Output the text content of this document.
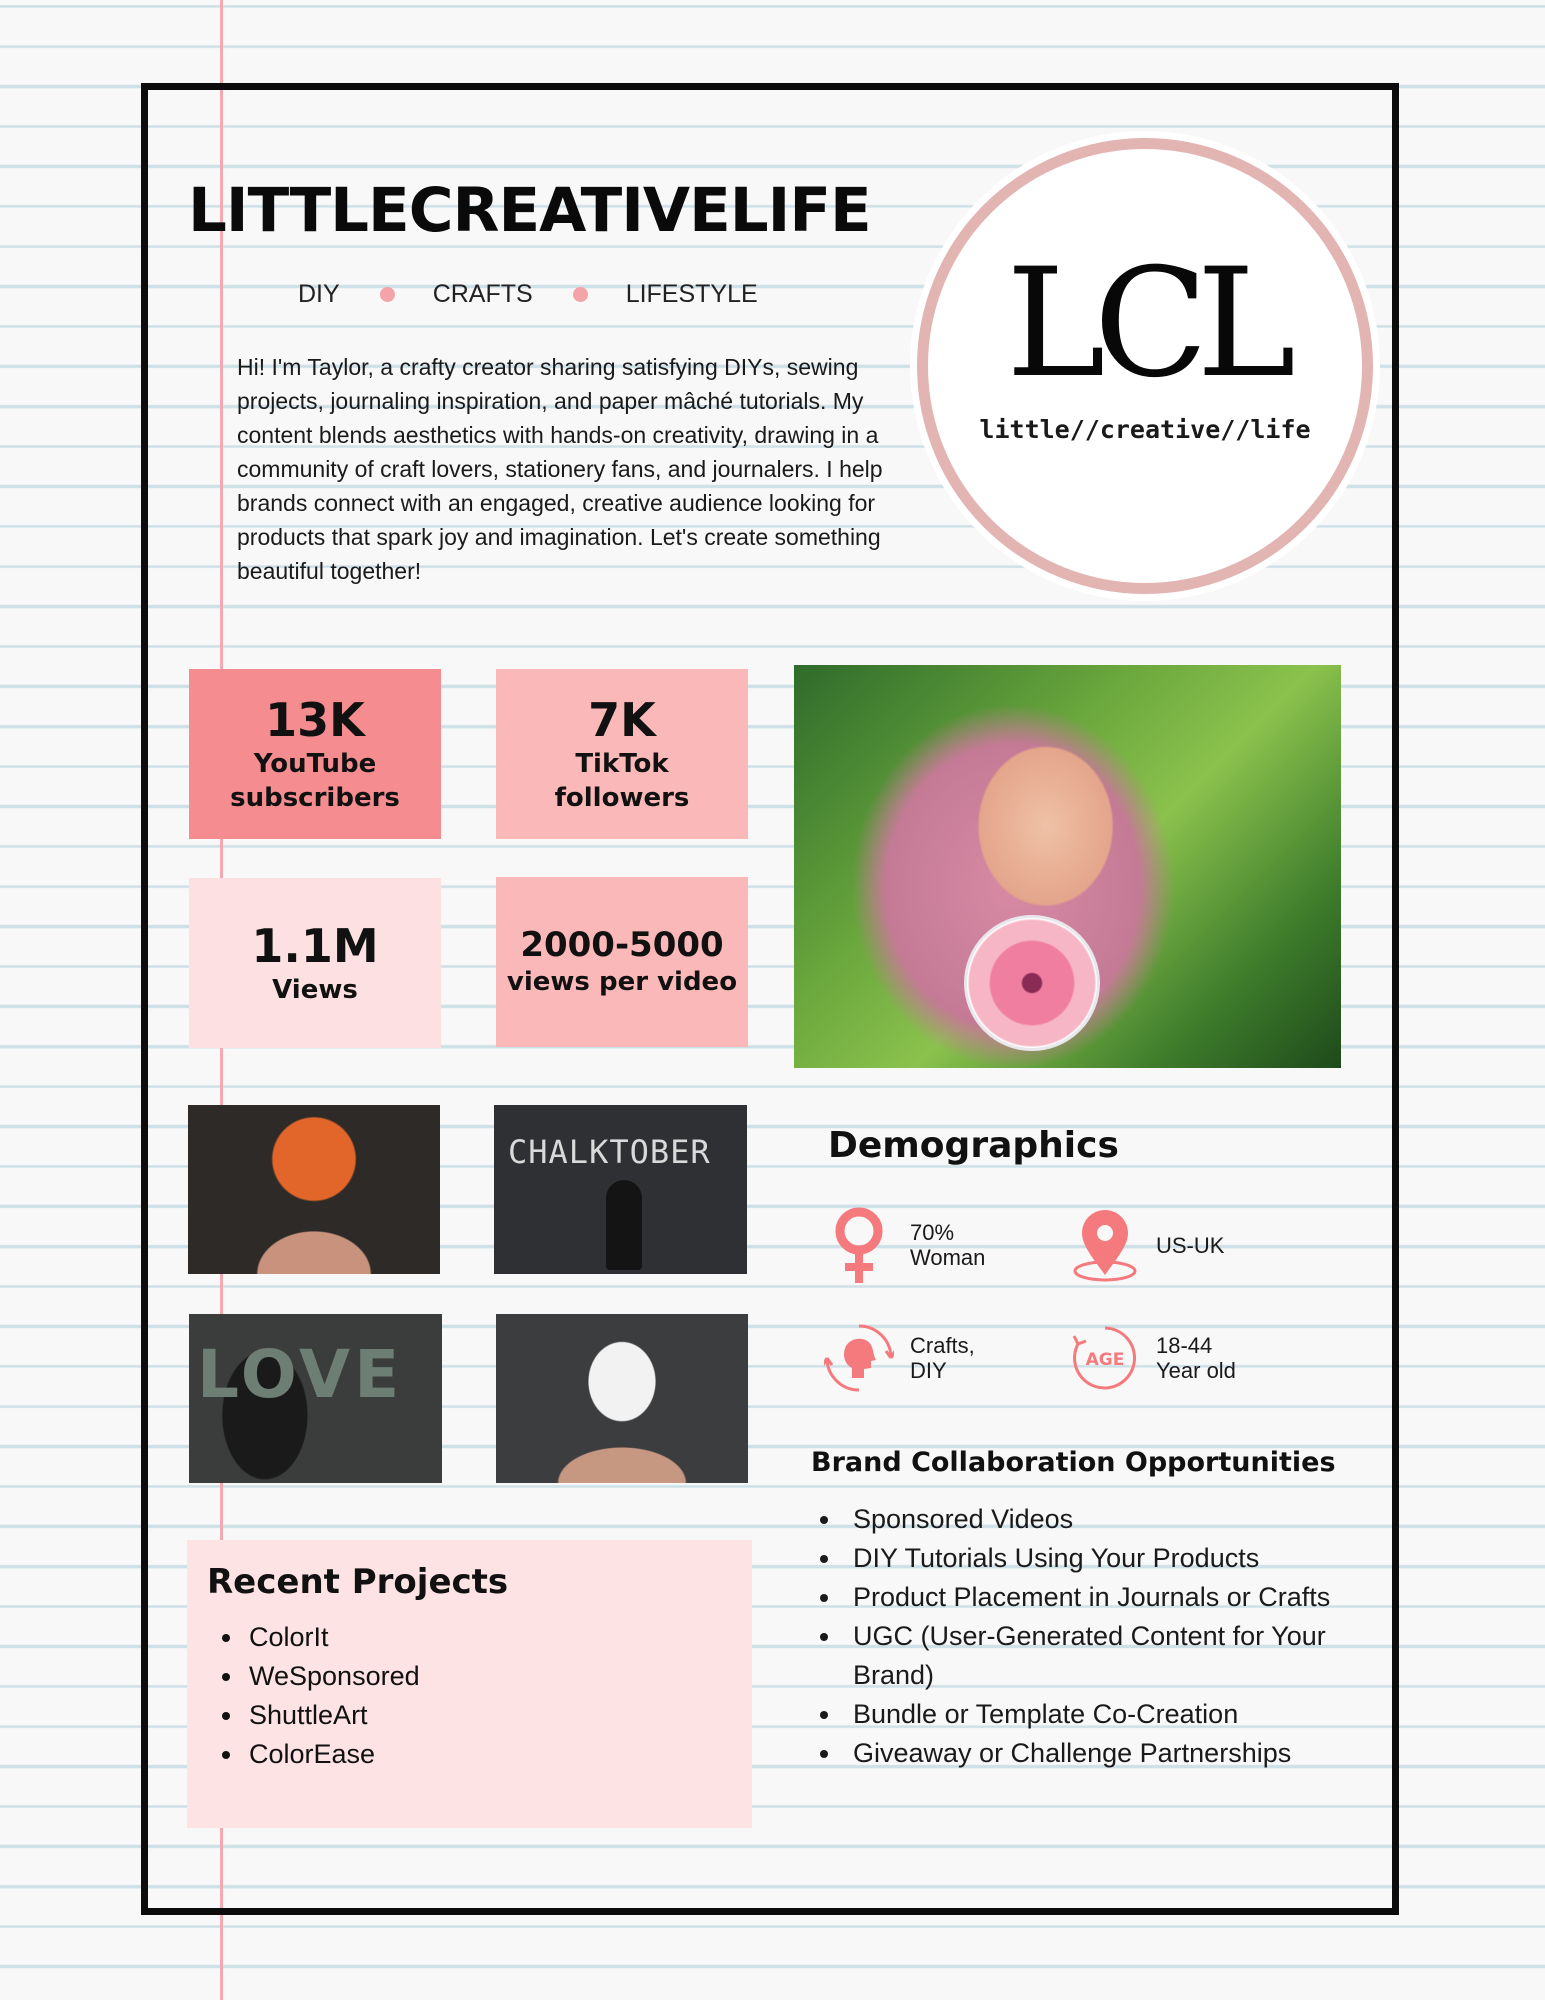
LITTLECREATIVELIFE
DIY	CRAFTS	LIFESTYLE

Hi! I'm Taylor, a crafty creator sharing satisfying DIYs, sewing projects, journaling inspiration, and paper mâché tutorials. My content blends aesthetics with hands-on creativity, drawing in a community of craft lovers, stationery fans, and journalers. I help brands connect with an engaged, creative audience looking for products that spark joy and imagination. Let's create something beautiful together!

LCL
little//creative//life
13K
YouTube
subscribers
7K
TikTok
followers
1.1M
Views
2000-5000
views per video
CHALKTOBER
LOVE
Demographics
70%
Woman	US-UK
Crafts,
DIY	AGE
18-44
Year old
Brand Collaboration Opportunities
• Sponsored Videos
• DIY Tutorials Using Your Products
• Product Placement in Journals or Crafts
• UGC (User-Generated Content for Your Brand)
• Bundle or Template Co-Creation
• Giveaway or Challenge Partnerships
Recent Projects
• ColorIt
• WeSponsored
• ShuttleArt
• ColorEase
